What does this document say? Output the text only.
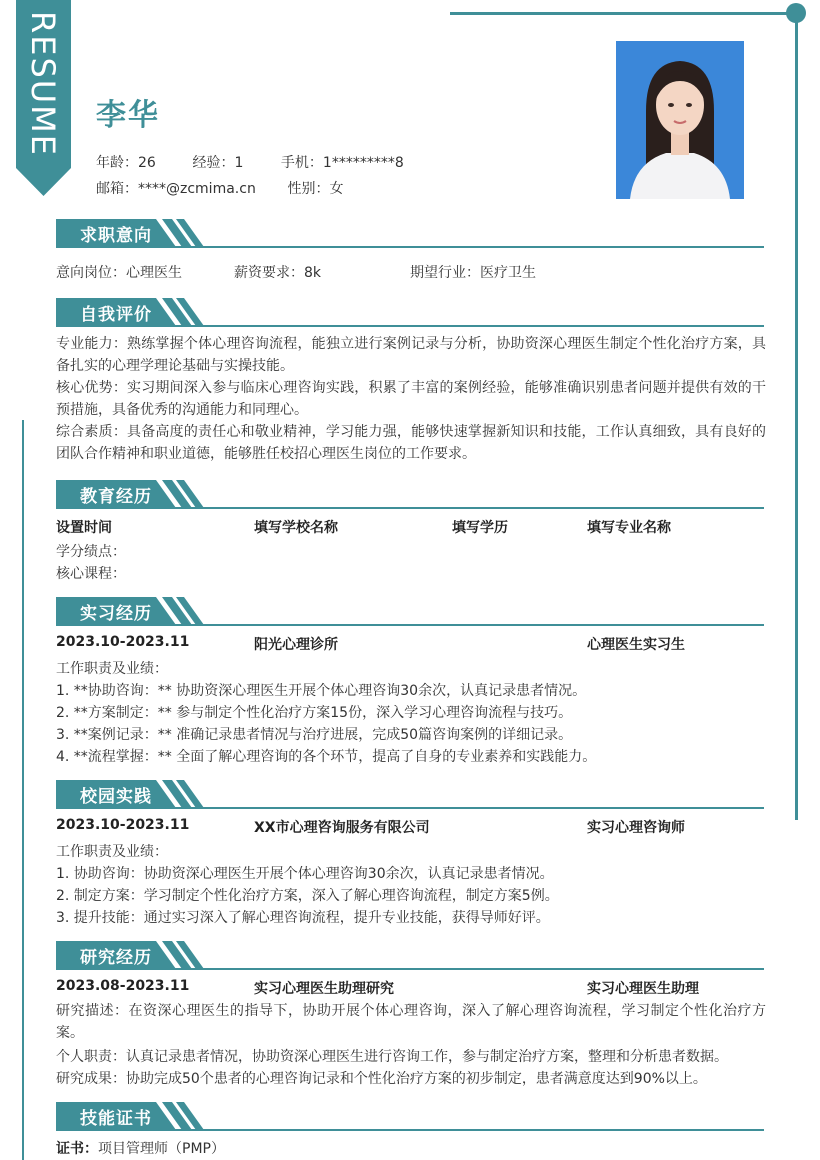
RESUME 李华
年龄：26	经验：1	手机：1*********8
邮箱：****@zcmima.cn 性别：女
求职意向
意向岗位：心理医生	薪资要求：8k	期望行业：医疗卫生
自我评价
专业能力：熟练掌握个体心理咨询流程，能独立进行案例记录与分析，协助资深心理医生制定个性化治疗方案，具备扎实的心理学理论基础与实操技能。
核心优势：实习期间深入参与临床心理咨询实践，积累了丰富的案例经验，能够准确识别患者问题并提供有效的干预措施，具备优秀的沟通能力和同理心。
综合素质：具备高度的责任心和敬业精神，学习能力强，能够快速掌握新知识和技能，工作认真细致，具有良好的团队合作精神和职业道德，能够胜任校招心理医生岗位的工作要求。
教育经历
设置时间	填写学校名称	填写学历	填写专业名称
学分绩点：
核心课程：
实习经历
2023.10-2023.11	阳光心理诊所	心理医生实习生
工作职责及业绩：
1. **协助咨询：** 协助资深心理医生开展个体心理咨询30余次，认真记录患者情况。
2. **方案制定：** 参与制定个性化治疗方案15份，深入学习心理咨询流程与技巧。
3. **案例记录：** 准确记录患者情况与治疗进展，完成50篇咨询案例的详细记录。
4. **流程掌握：** 全面了解心理咨询的各个环节，提高了自身的专业素养和实践能力。
校园实践
2023.10-2023.11	XX市心理咨询服务有限公司	实习心理咨询师
工作职责及业绩：
1. 协助咨询：协助资深心理医生开展个体心理咨询30余次，认真记录患者情况。
2. 制定方案：学习制定个性化治疗方案，深入了解心理咨询流程，制定方案5例。
3. 提升技能：通过实习深入了解心理咨询流程，提升专业技能，获得导师好评。
研究经历
2023.08-2023.11	实习心理医生助理研究	实习心理医生助理
研究描述：在资深心理医生的指导下，协助开展个体心理咨询，深入了解心理咨询流程，学习制定个性化治疗方案。
个人职责：认真记录患者情况，协助资深心理医生进行咨询工作，参与制定治疗方案，整理和分析患者数据。
研究成果：协助完成50个患者的心理咨询记录和个性化治疗方案的初步制定，患者满意度达到90%以上。
技能证书
证书：项目管理师（PMP）
